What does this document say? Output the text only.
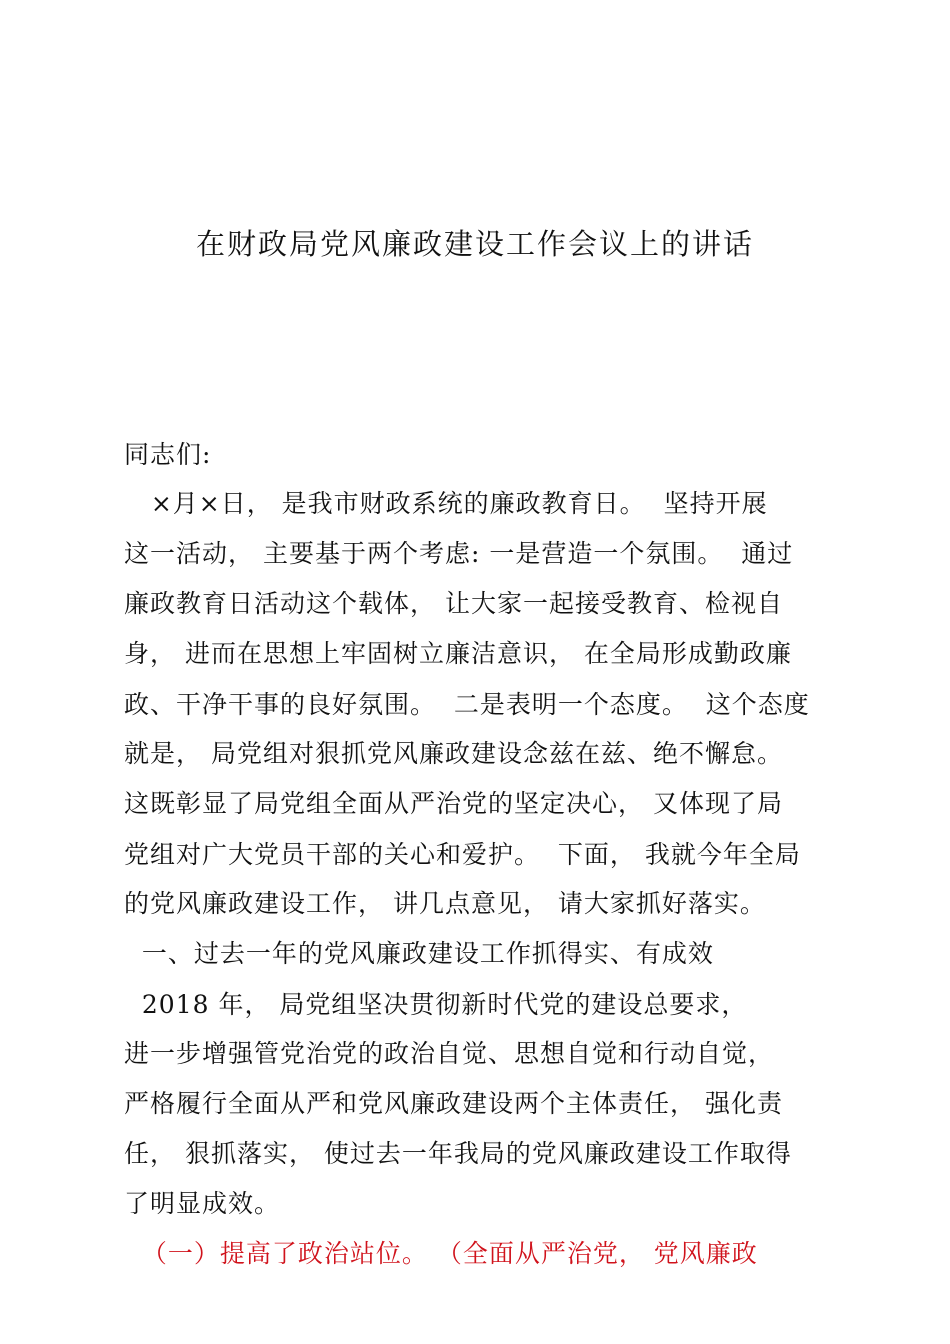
在财政局党风廉政建设工作会议上的讲话
同志们:
×月×日， 是我市财政系统的廉政教育日。  坚持开展
这一活动， 主要基于两个考虑: 一是营造一个氛围。  通过
廉政教育日活动这个载体， 让大家一起接受教育、检视自
身， 进而在思想上牢固树立廉洁意识， 在全局形成勤政廉
政、干净干事的良好氛围。  二是表明一个态度。  这个态度
就是， 局党组对狠抓党风廉政建设念兹在兹、绝不懈怠。
这既彰显了局党组全面从严治党的坚定决心， 又体现了局
党组对广大党员干部的关心和爱护。  下面， 我就今年全局
的党风廉政建设工作， 讲几点意见， 请大家抓好落实。
一、过去一年的党风廉政建设工作抓得实、有成效
2018 年， 局党组坚决贯彻新时代党的建设总要求，
进一步增强管党治党的政治自觉、思想自觉和行动自觉，
严格履行全面从严和党风廉政建设两个主体责任， 强化责
任， 狠抓落实， 使过去一年我局的党风廉政建设工作取得
了明显成效。
（一）提高了政治站位。 （全面从严治党， 党风廉政
